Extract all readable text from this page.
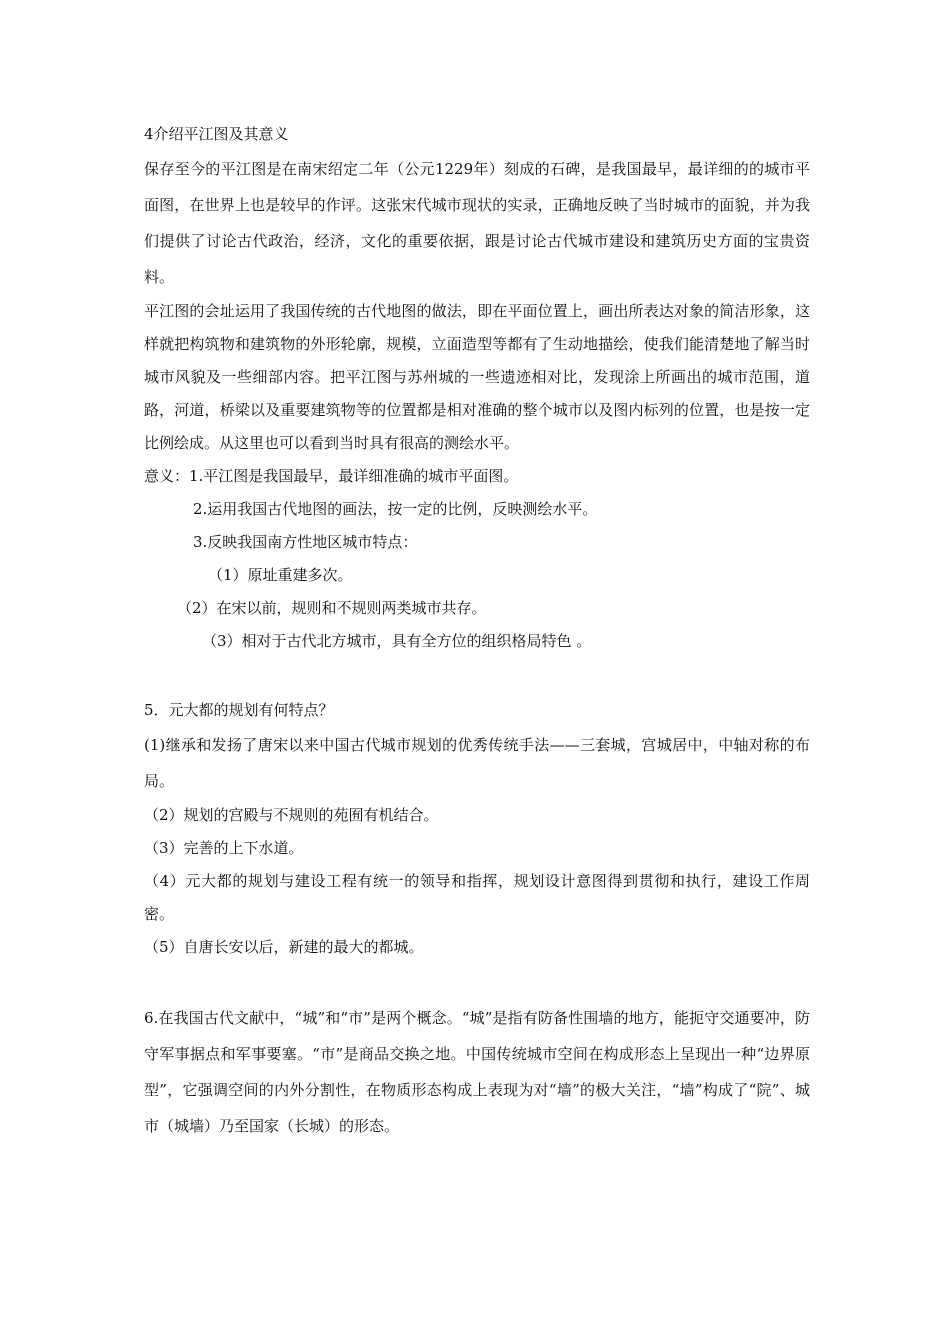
4介绍平江图及其意义

保存至今的平江图是在南宋绍定二年（公元1229年）刻成的石碑，是我国最早，最详细的的城市平面图，在世界上也是较早的作评。这张宋代城市现状的实录，正确地反映了当时城市的面貌，并为我们提供了讨论古代政治，经济，文化的重要依据，跟是讨论古代城市建设和建筑历史方面的宝贵资料。

平江图的会址运用了我国传统的古代地图的做法，即在平面位置上，画出所表达对象的简洁形象，这样就把构筑物和建筑物的外形轮廓，规模，立面造型等都有了生动地描绘，使我们能清楚地了解当时城市风貌及一些细部内容。把平江图与苏州城的一些遗迹相对比，发现涂上所画出的城市范围，道路，河道，桥梁以及重要建筑物等的位置都是相对准确的整个城市以及图内标列的位置，也是按一定比例绘成。从这里也可以看到当时具有很高的测绘水平。

意义：1.平江图是我国最早，最详细准确的城市平面图。

2.运用我国古代地图的画法，按一定的比例，反映测绘水平。

3.反映我国南方性地区城市特点：

（1）原址重建多次。

（2）在宋以前，规则和不规则两类城市共存。

（3）相对于古代北方城市，具有全方位的组织格局特色 。

5．元大都的规划有何特点？

(1)继承和发扬了唐宋以来中国古代城市规划的优秀传统手法——三套城，宫城居中，中轴对称的布局。

（2）规划的宫殿与不规则的苑囿有机结合。

（3）完善的上下水道。

（4）元大都的规划与建设工程有统一的领导和指挥，规划设计意图得到贯彻和执行，建设工作周密。

（5）自唐长安以后，新建的最大的都城。

6.在我国古代文献中，“城”和“市”是两个概念。“城”是指有防备性围墙的地方，能扼守交通要冲，防守军事据点和军事要塞。“市”是商品交换之地。中国传统城市空间在构成形态上呈现出一种“边界原型”，它强调空间的内外分割性，在物质形态构成上表现为对“墙”的极大关注，“墙”构成了“院”、城市（城墙）乃至国家（长城）的形态。
